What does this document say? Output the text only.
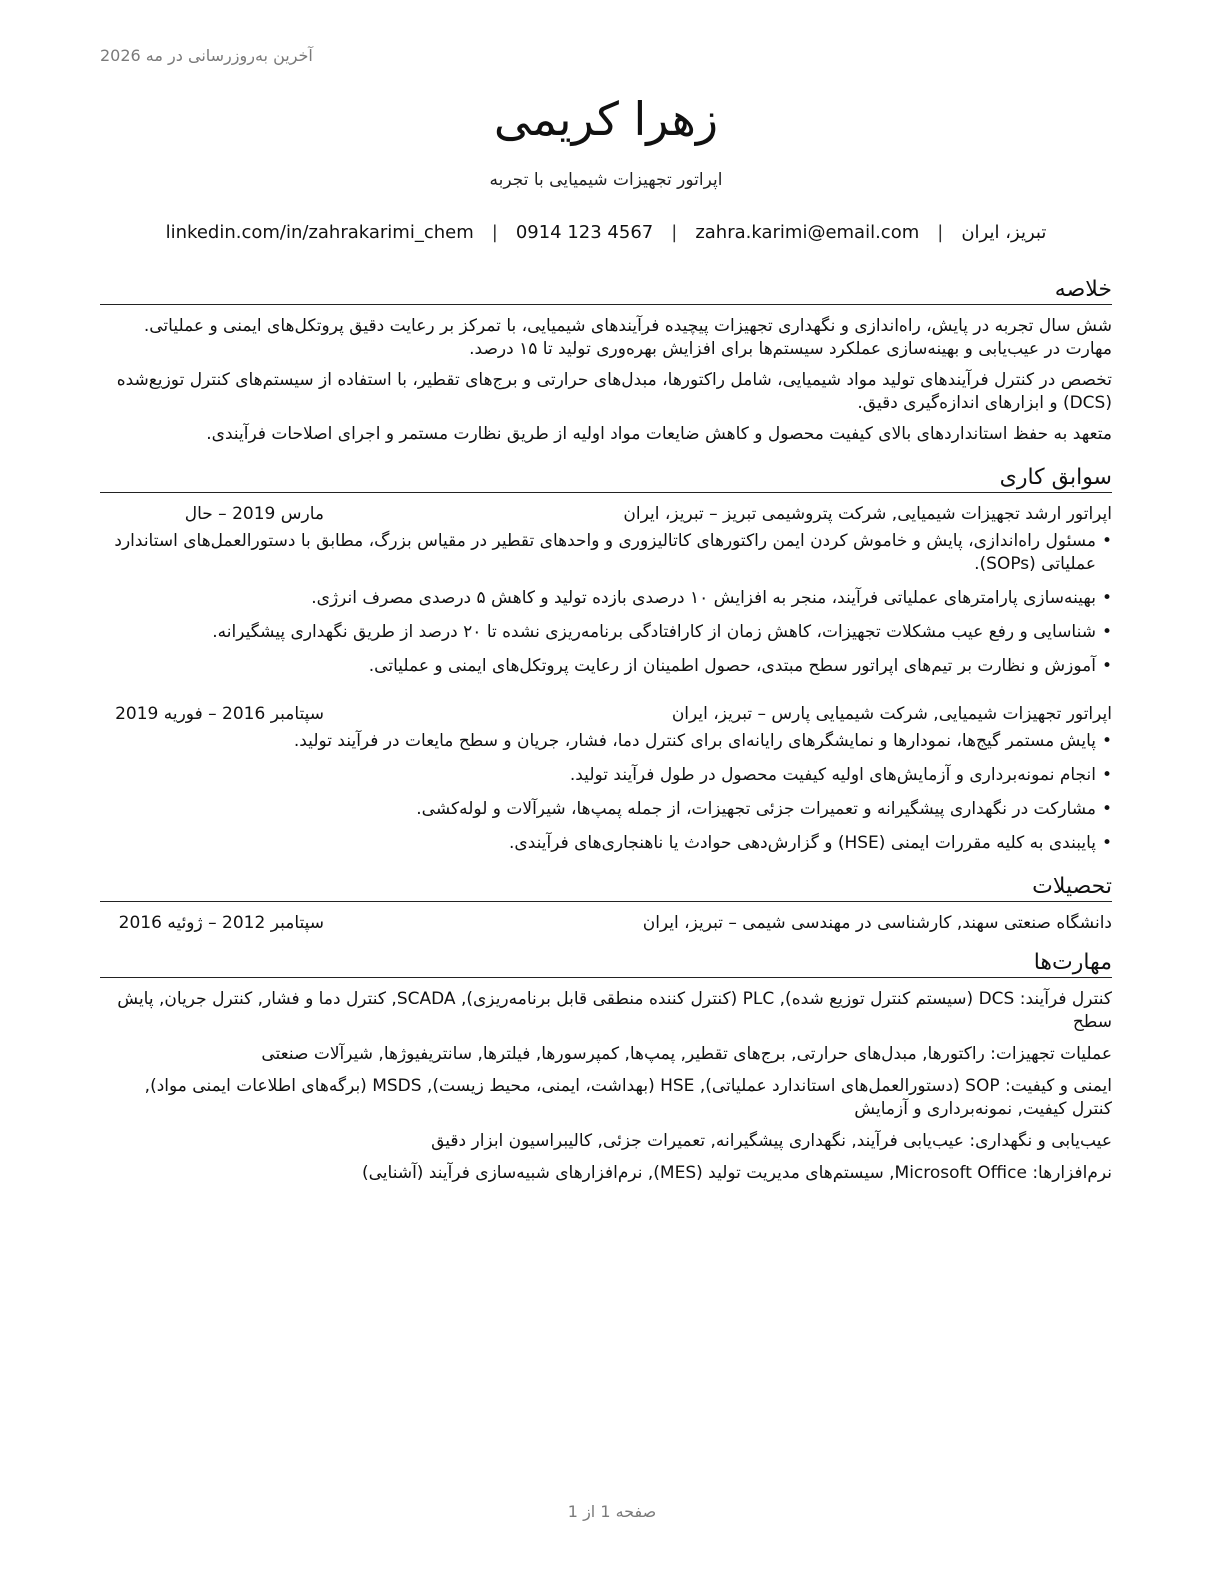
آخرین به‌روزرسانی در مه 2026
زهرا کریمی
اپراتور تجهیزات شیمیایی با تجربه
linkedin.com/in/zahrakarimi_chem | 0914 123 4567 | zahra.karimi@email.com | تبریز، ایران
خلاصه

شش سال تجربه در پایش، راه‌اندازی و نگهداری تجهیزات پیچیده فرآیندهای شیمیایی، با تمرکز بر رعایت دقیق پروتکل‌های ایمنی و عملیاتی. مهارت در عیب‌یابی و بهینه‌سازی عملکرد سیستم‌ها برای افزایش بهره‌وری تولید تا ۱۵ درصد.

تخصص در کنترل فرآیندهای تولید مواد شیمیایی، شامل راکتورها، مبدل‌های حرارتی و برج‌های تقطیر، با استفاده از سیستم‌های کنترل توزیع‌شده (DCS) و ابزارهای اندازه‌گیری دقیق.

متعهد به حفظ استانداردهای بالای کیفیت محصول و کاهش ضایعات مواد اولیه از طریق نظارت مستمر و اجرای اصلاحات فرآیندی.

سوابق کاری
اپراتور ارشد تجهیزات شیمیایی, شرکت پتروشیمی تبریز – تبریز، ایران
مارس 2019 – حال
• مسئول راه‌اندازی، پایش و خاموش کردن ایمن راکتورهای کاتالیزوری و واحدهای تقطیر در مقیاس بزرگ، مطابق با دستورالعمل‌های استاندارد عملیاتی (SOPs).
• بهینه‌سازی پارامترهای عملیاتی فرآیند، منجر به افزایش ۱۰ درصدی بازده تولید و کاهش ۵ درصدی مصرف انرژی.
• شناسایی و رفع عیب مشکلات تجهیزات، کاهش زمان از کارافتادگی برنامه‌ریزی نشده تا ۲۰ درصد از طریق نگهداری پیشگیرانه.
• آموزش و نظارت بر تیم‌های اپراتور سطح مبتدی، حصول اطمینان از رعایت پروتکل‌های ایمنی و عملیاتی.
اپراتور تجهیزات شیمیایی, شرکت شیمیایی پارس – تبریز، ایران
سپتامبر 2016 – فوریه 2019
• پایش مستمر گیج‌ها، نمودارها و نمایشگرهای رایانه‌ای برای کنترل دما، فشار، جریان و سطح مایعات در فرآیند تولید.
• انجام نمونه‌برداری و آزمایش‌های اولیه کیفیت محصول در طول فرآیند تولید.
• مشارکت در نگهداری پیشگیرانه و تعمیرات جزئی تجهیزات، از جمله پمپ‌ها، شیرآلات و لوله‌کشی.
• پایبندی به کلیه مقررات ایمنی (HSE) و گزارش‌دهی حوادث یا ناهنجاری‌های فرآیندی.
تحصیلات
دانشگاه صنعتی سهند, کارشناسی در مهندسی شیمی – تبریز، ایران
سپتامبر 2012 – ژوئیه 2016
مهارت‌ها

کنترل فرآیند: DCS (سیستم کنترل توزیع شده), PLC (کنترل کننده منطقی قابل برنامه‌ریزی), SCADA, کنترل دما و فشار, کنترل جریان, پایش سطح

عملیات تجهیزات: راکتورها, مبدل‌های حرارتی, برج‌های تقطیر, پمپ‌ها, کمپرسورها, فیلترها, سانتریفیوژها, شیرآلات صنعتی

ایمنی و کیفیت: SOP (دستورالعمل‌های استاندارد عملیاتی), HSE (بهداشت، ایمنی، محیط زیست), MSDS (برگه‌های اطلاعات ایمنی مواد), کنترل کیفیت, نمونه‌برداری و آزمایش

عیب‌یابی و نگهداری: عیب‌یابی فرآیند, نگهداری پیشگیرانه, تعمیرات جزئی, کالیبراسیون ابزار دقیق

نرم‌افزارها: Microsoft Office, سیستم‌های مدیریت تولید (MES), نرم‌افزارهای شبیه‌سازی فرآیند (آشنایی)

صفحه 1 از 1
